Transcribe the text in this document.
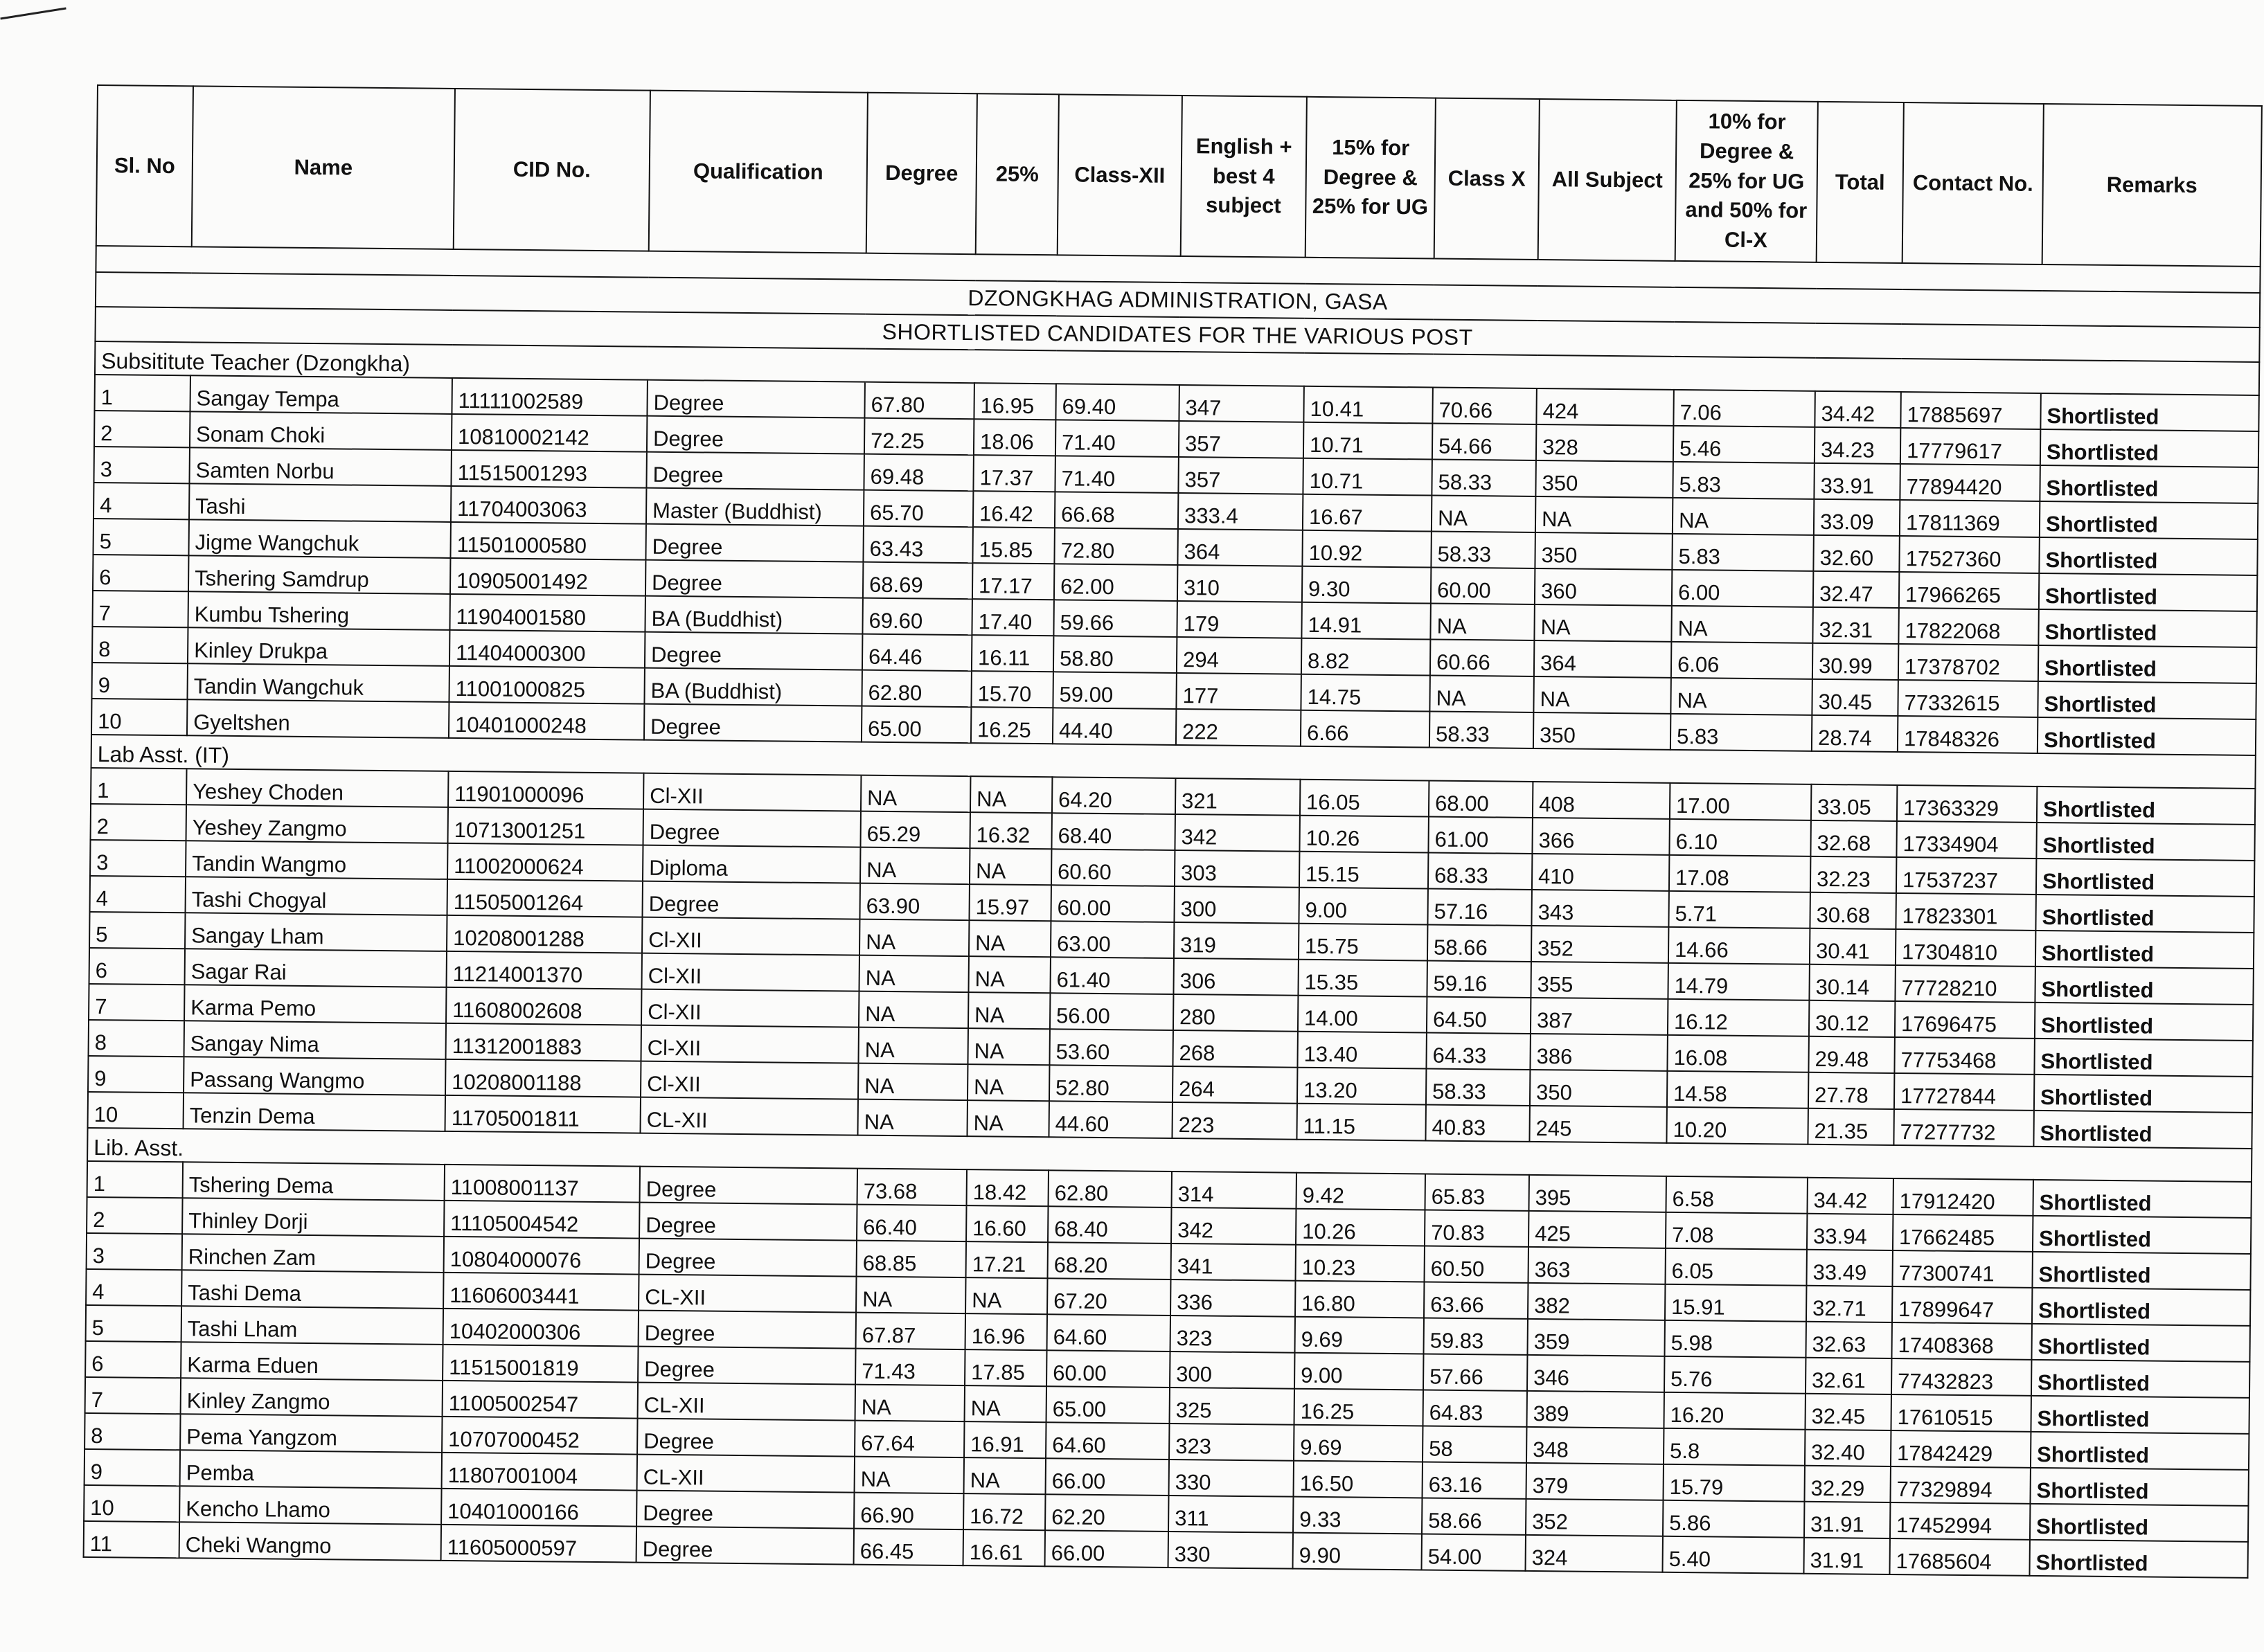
DZONGKHAG ADMINISTRATION, GASA														
SHORTLISTED CANDIDATES FOR THE VARIOUS POST														
Subsititute Teacher (Dzongkha)														
Sl. No	Name	CID No.	Qualification	Degree	25%	Class-XII	English + best 4 subject	15% for Degree & 25% for UG	Class X	All Subject	10% for Degree & 25% for UG and 50% for Cl-X	Total	Contact No.	Remarks
1	Sangay Tempa	11111002589	Degree	67.80	16.95	69.40	347	10.41	70.66	424	7.06	34.42	17885697	Shortlisted
2	Sonam Choki	10810002142	Degree	72.25	18.06	71.40	357	10.71	54.66	328	5.46	34.23	17779617	Shortlisted
3	Samten Norbu	11515001293	Degree	69.48	17.37	71.40	357	10.71	58.33	350	5.83	33.91	77894420	Shortlisted
4	Tashi	11704003063	Master (Buddhist)	65.70	16.42	66.68	333.4	16.67	NA	NA	NA	33.09	17811369	Shortlisted
5	Jigme Wangchuk	11501000580	Degree	63.43	15.85	72.80	364	10.92	58.33	350	5.83	32.60	17527360	Shortlisted
6	Tshering Samdrup	10905001492	Degree	68.69	17.17	62.00	310	9.30	60.00	360	6.00	32.47	17966265	Shortlisted
7	Kumbu Tshering	11904001580	BA (Buddhist)	69.60	17.40	59.66	179	14.91	NA	NA	NA	32.31	17822068	Shortlisted
8	Kinley Drukpa	11404000300	Degree	64.46	16.11	58.80	294	8.82	60.66	364	6.06	30.99	17378702	Shortlisted
9	Tandin Wangchuk	11001000825	BA (Buddhist)	62.80	15.70	59.00	177	14.75	NA	NA	NA	30.45	77332615	Shortlisted
10	Gyeltshen	10401000248	Degree	65.00	16.25	44.40	222	6.66	58.33	350	5.83	28.74	17848326	Shortlisted
Lab Asst. (IT)														
1	Yeshey Choden	11901000096	Cl-XII	NA	NA	64.20	321	16.05	68.00	408	17.00	33.05	17363329	Shortlisted
2	Yeshey Zangmo	10713001251	Degree	65.29	16.32	68.40	342	10.26	61.00	366	6.10	32.68	17334904	Shortlisted
3	Tandin Wangmo	11002000624	Diploma	NA	NA	60.60	303	15.15	68.33	410	17.08	32.23	17537237	Shortlisted
4	Tashi Chogyal	11505001264	Degree	63.90	15.97	60.00	300	9.00	57.16	343	5.71	30.68	17823301	Shortlisted
5	Sangay Lham	10208001288	Cl-XII	NA	NA	63.00	319	15.75	58.66	352	14.66	30.41	17304810	Shortlisted
6	Sagar Rai	11214001370	Cl-XII	NA	NA	61.40	306	15.35	59.16	355	14.79	30.14	77728210	Shortlisted
7	Karma Pemo	11608002608	Cl-XII	NA	NA	56.00	280	14.00	64.50	387	16.12	30.12	17696475	Shortlisted
8	Sangay Nima	11312001883	Cl-XII	NA	NA	53.60	268	13.40	64.33	386	16.08	29.48	77753468	Shortlisted
9	Passang Wangmo	10208001188	Cl-XII	NA	NA	52.80	264	13.20	58.33	350	14.58	27.78	17727844	Shortlisted
10	Tenzin Dema	11705001811	CL-XII	NA	NA	44.60	223	11.15	40.83	245	10.20	21.35	77277732	Shortlisted
Lib. Asst.														
1	Tshering Dema	11008001137	Degree	73.68	18.42	62.80	314	9.42	65.83	395	6.58	34.42	17912420	Shortlisted
2	Thinley Dorji	11105004542	Degree	66.40	16.60	68.40	342	10.26	70.83	425	7.08	33.94	17662485	Shortlisted
3	Rinchen Zam	10804000076	Degree	68.85	17.21	68.20	341	10.23	60.50	363	6.05	33.49	77300741	Shortlisted
4	Tashi Dema	11606003441	CL-XII	NA	NA	67.20	336	16.80	63.66	382	15.91	32.71	17899647	Shortlisted
5	Tashi Lham	10402000306	Degree	67.87	16.96	64.60	323	9.69	59.83	359	5.98	32.63	17408368	Shortlisted
6	Karma Eduen	11515001819	Degree	71.43	17.85	60.00	300	9.00	57.66	346	5.76	32.61	77432823	Shortlisted
7	Kinley Zangmo	11005002547	CL-XII	NA	NA	65.00	325	16.25	64.83	389	16.20	32.45	17610515	Shortlisted
8	Pema Yangzom	10707000452	Degree	67.64	16.91	64.60	323	9.69	58	348	5.8	32.40	17842429	Shortlisted
9	Pemba	11807001004	CL-XII	NA	NA	66.00	330	16.50	63.16	379	15.79	32.29	77329894	Shortlisted
10	Kencho Lhamo	10401000166	Degree	66.90	16.72	62.20	311	9.33	58.66	352	5.86	31.91	17452994	Shortlisted
11	Cheki Wangmo	11605000597	Degree	66.45	16.61	66.00	330	9.90	54.00	324	5.40	31.91	17685604	Shortlisted
